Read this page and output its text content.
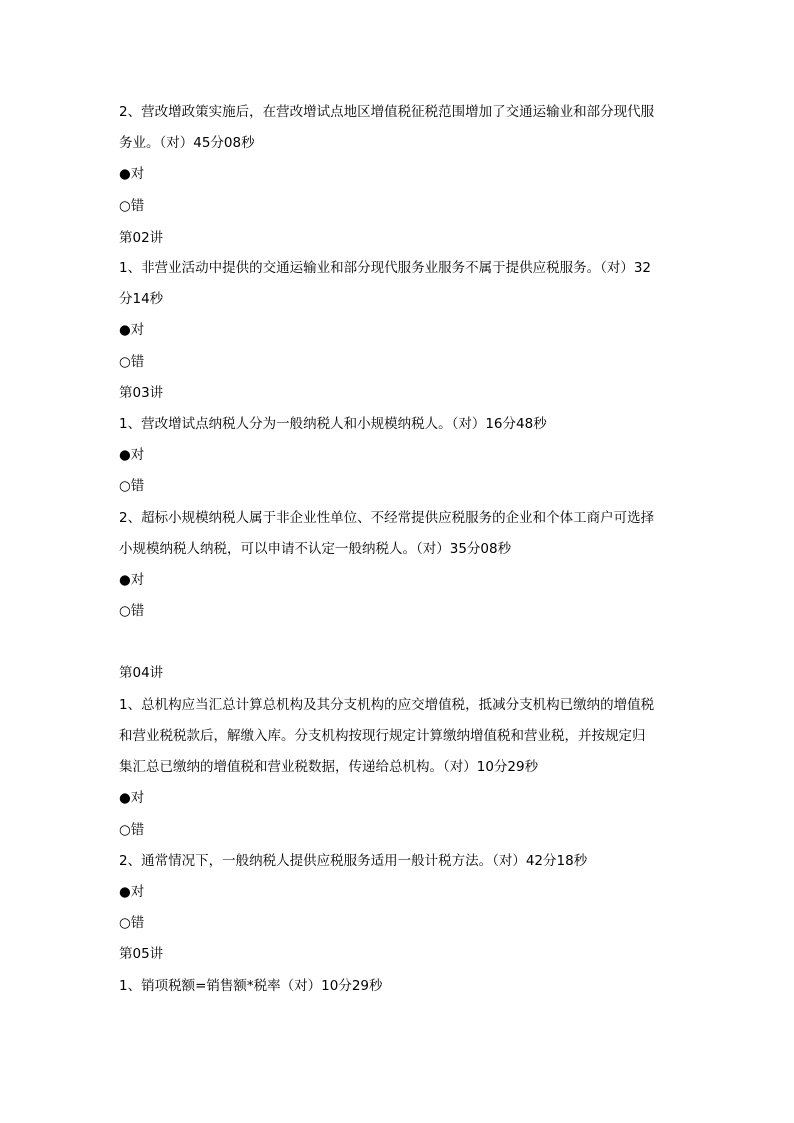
2、营改增政策实施后，在营改增试点地区增值税征税范围增加了交通运输业和部分现代服
务业。（对）45分08秒
●对
○错
第02讲
1、非营业活动中提供的交通运输业和部分现代服务业服务不属于提供应税服务。（对）32
分14秒
●对
○错
第03讲
1、营改增试点纳税人分为一般纳税人和小规模纳税人。（对）16分48秒
●对
○错
2、超标小规模纳税人属于非企业性单位、不经常提供应税服务的企业和个体工商户可选择
小规模纳税人纳税，可以申请不认定一般纳税人。（对）35分08秒
●对
○错
第04讲
1、总机构应当汇总计算总机构及其分支机构的应交增值税，抵减分支机构已缴纳的增值税
和营业税税款后，解缴入库。分支机构按现行规定计算缴纳增值税和营业税，并按规定归
集汇总已缴纳的增值税和营业税数据，传递给总机构。（对）10分29秒
●对
○错
2、通常情况下，一般纳税人提供应税服务适用一般计税方法。（对）42分18秒
●对
○错
第05讲
1、销项税额=销售额*税率（对）10分29秒
